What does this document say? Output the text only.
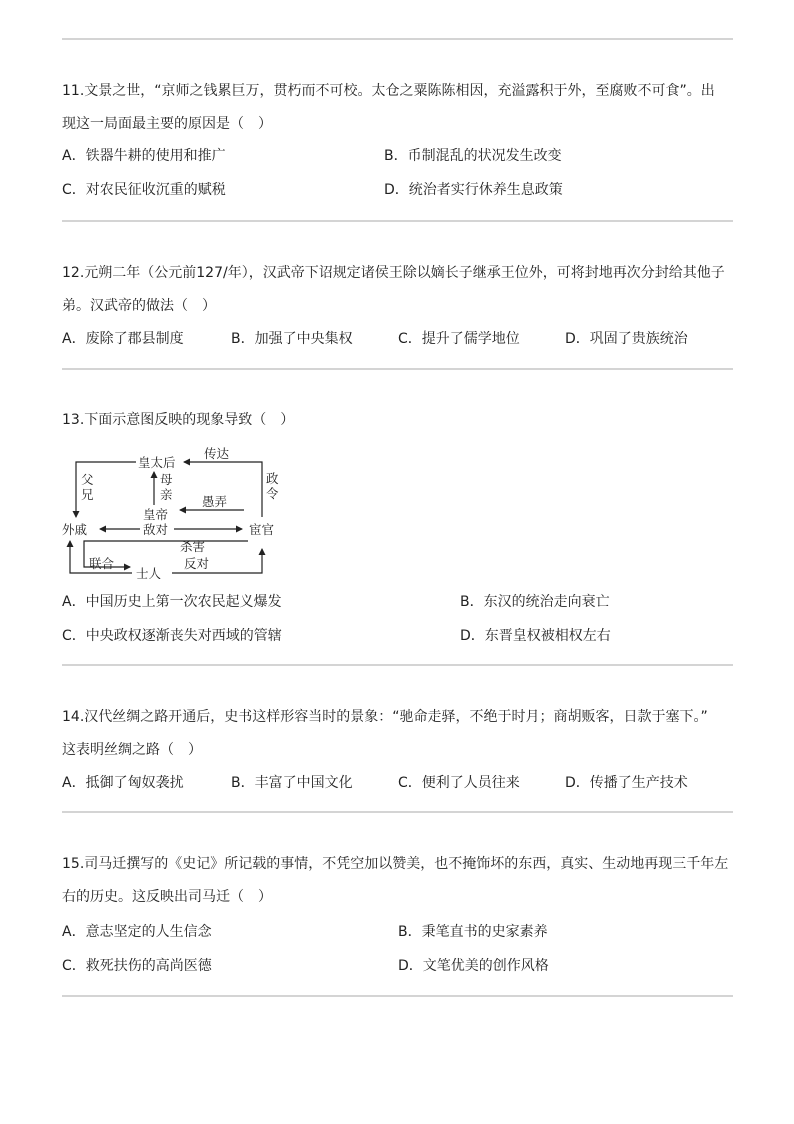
11.文景之世，“京师之钱累巨万，贯朽而不可校。太仓之粟陈陈相因，充溢露积于外，至腐败不可食”。出
现这一局面最主要的原因是（　）
A．铁器牛耕的使用和推广	B．币制混乱的状况发生改变
C．对农民征收沉重的赋税	D．统治者实行休养生息政策
12.元朔二年（公元前127/年），汉武帝下诏规定诸侯王除以嫡长子继承王位外，可将封地再次分封给其他子
弟。汉武帝的做法（　）
A．废除了郡县制度	B．加强了中央集权	C．提升了儒学地位	D．巩固了贵族统治
13.下面示意图反映的现象导致（　）
皇太后
皇帝
敌对
外戚	宦官
士人
传达
政
令
父
兄
母
亲 愚弄
杀害
联合	反对
A．中国历史上第一次农民起义爆发	B．东汉的统治走向衰亡
C．中央政权逐渐丧失对西域的管辖	D．东晋皇权被相权左右
14.汉代丝绸之路开通后，史书这样形容当时的景象：“驰命走驿，不绝于时月；商胡贩客，日款于塞下。”
这表明丝绸之路（　）
A．抵御了匈奴袭扰	B．丰富了中国文化	C．便利了人员往来	D．传播了生产技术
15.司马迁撰写的《史记》所记载的事情，不凭空加以赞美，也不掩饰坏的东西，真实、生动地再现三千年左
右的历史。这反映出司马迁（　）
A．意志坚定的人生信念	B．秉笔直书的史家素养
C．救死扶伤的高尚医德	D．文笔优美的创作风格
